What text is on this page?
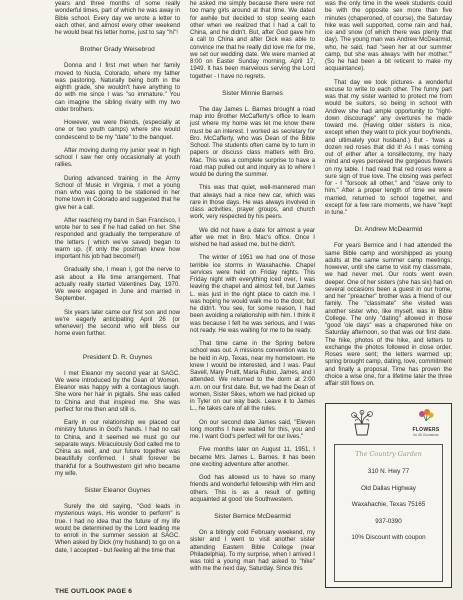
years and three months of some really wonderful times, part of which he was away in Bible school. Every day we wrote a letter to each other, and almost every other weekend he would beat his letter home, just to say "hi"!

Brother Grady Weisebrod

Donna and I first met when her family moved to Nucla, Colorado, where my father was pastoring. Naturally being both in the eighth grade, she wouldn't have anything to do with me since I was "so immature." You can imagine the sibling rivalry with my two older brothers.

However, we were friends, (especially at one or two youth camps) where she would condescend to be my "date" to the banquet.

After moving during my junior year in high school I saw her only occasionally at youth rallies.

During advanced training in the Army School of Music in Virginia, I met a young man who was going to be stationed in her home town in Colorado and suggested that he give her a call.

After reaching my band in San Francisco, I wrote her to see if he had called on her. She responded and gradually the temperature of the letters ( which we've saved) began to warm up. (If only the postman knew how important his job had become!!)

Gradually she, I mean I, got the nerve to ask about a life time arrangement. That actually really started Valentines Day, 1970. We were engaged in June and married in September.

Six years later came our first son and now we're eagerly anticipating April 26 (or whenever) the second who will bless our home even further.

President D. R. Guynes

I met Eleanor my second year at SAGC. We were introduced by the Dean of Women. Eleanor was happy with a contagious laugh. She wore her hair in pigtails. She was called to China and that inspired me. She was perfect for me then and still is.

Early in our relationship we placed our ministry futures in God's hands. I had no call to China, and it seemed we must go our separate ways. Miraculously God called me to China as well, and our future together was beautifully confirmed. I shall forever be thankful for a Southwestern girl who became my wife.

Sister Eleanor Guynes

Surely the old saying, "God leads in mysterious ways, His wonder to perform" is true. I had no idea that the future of my life would be determined by the Lord leading me to enroll in the summer session at SAGC. When asked by Dick (my husband) to go on a date, I accepted - but feeling all the time that

he asked me simply because there were not too many girls around at that time. We dated for awhile but decided to stop seeing each other when we realized that I had a call to China, and he didn't. But, after God gave him a call to China and after Dick was able to convince me that he really did love me for me, we set our wedding date. We were married at 8:00 on Easter Sunday morning, April 17, 1949. It has been marvelous serving the Lord together - I have no regrets.

Sister Minnie Barnes

The day James L. Barnes brought a road map into Brother McCafferty's office to learn just where my home was let me know there must be an interest. I worked as secretary for Bro. McCafferty, who was Dean of the Bible School. The students often came by to turn in papers or discuss class matters with Bro. Mac. This was a complete surprise to have a road map pulled out and inquiry as to where I would be during the summer.

This was that quiet, well-mannered man that always had a nice new car, which was rare in those days. He was always involved in class activities, prayer groups, and church work, very respected by his peers.

We did not have a date for almost a year after we met in Bro. Mac's office. Once I wished he had asked me, but he didn't.

The winter of 1951 we had one of those terrible ice storms in Waxahachie. Chapel services were held on Friday nights. This Friday night with everything iced over, I was leaving the chapel and almost fell, but James L. was just in the right place to catch me. I was hoping he would walk me to the door, but he didn't. You see, for some reason, I had been avoiding a relationship with him. I think it was because I felt he was serious, and I was not ready. He was waiting for me to be ready.

That time came in the Spring before school was out. A missions convention was to be held in Arp, Texas, near my hometown. He knew I would be interested, and I was. Paul Savell, Mary Pruitt, Maria Rubio, James, and I attended. We returned to the dorm at 2:00 a.m. on our first date. But, we had the Dean of women, Sister Sikes, whom we had picked up in Tyler on our way back. Leave it to James L., he takes care of all the rules.

On our second date James said, "Eleven long months I have waited for this, you and me. I want God's perfect will for our lives."

Five months later on August 11, 1951, I became Mrs. James L. Barnes. It has been one exciting adventure after another.

God has allowed us to have so many friends and wonderful fellowship with Him and others. This is as a result of getting acquainted at good 'ole Southwestern.

Sister Bernice McDearmid

On a bitingly cold February weekend, my sister and I went to visit another sister attending Eastern Bible College (near Philadelphia). To my surprise, when I arrived I was told a young man had asked to "hike" with me the next day, Saturday. Since this

was the only time in the week students could be with the opposite sex more than five minutes (chaperoned, of course), the Saturday hike was well supported, come rain and hail, ice and snow (of which there was plenty that day). The young man was Andrew McDearmid, who, he said, had "seen her at our summer camp, but she was always 'with her mother.'" (So he had been a bit reticent to make my acquaintance).

That day we took pictures- a wonderful excuse to write to each other. The funny part was that my sister wanted to protect me from would be suitors, so being in school with Andrew she had ample opportunity to "right-down discourage" any overtures he made toward me. (Having older sisters is nice, except when they want to pick your boyfriends, and ultimately your husband.) But - 'twas a dozen red roses that did it! As I was coming out of either after a tonsillectomy, my hazy mind and eyes perceived the gorgeous flowers on my table. I had read that red roses were a sure sign of true love. The closing was perfect for - I "forsook all other," and "clave only to him." After a proper length of time we were married, returned to school together, and except for a few rare moments, we have "kept in tune."

Dr. Andrew McDearmid

For years Bernice and I had attended the same Bible camp and worshipped as young adults at the same summer camp meetings; however, until she came to visit my classmate, we had never met. Our roots went even deeper. One of her sisters (she has six) had on several occasions been a guest in our home, and her "preacher" brother was a friend of our family. The "classmate" she visited was another sister who, like myself, was in Bible College. The only "dating" allowed in those "good 'ole days" was a chaperoned hike on Saturday afternoon, so that was our first date. The hike, photos of the hike, and letters to exchange the photos followed in close order. Roses were sent; the letters warmed up; spring brought camp, dating, love, commitment and finally a proposal. Time has proven the choice a wise one, for a lifetime later the three affair still flows on.

FLOWERS
for All Occasions
The Country Garden
310 N. Hwy 77
Old Dallas Highway
Waxahachie, Texas 75165
937-0390
10% Discount with coupon
THE OUTLOOK PAGE 6
